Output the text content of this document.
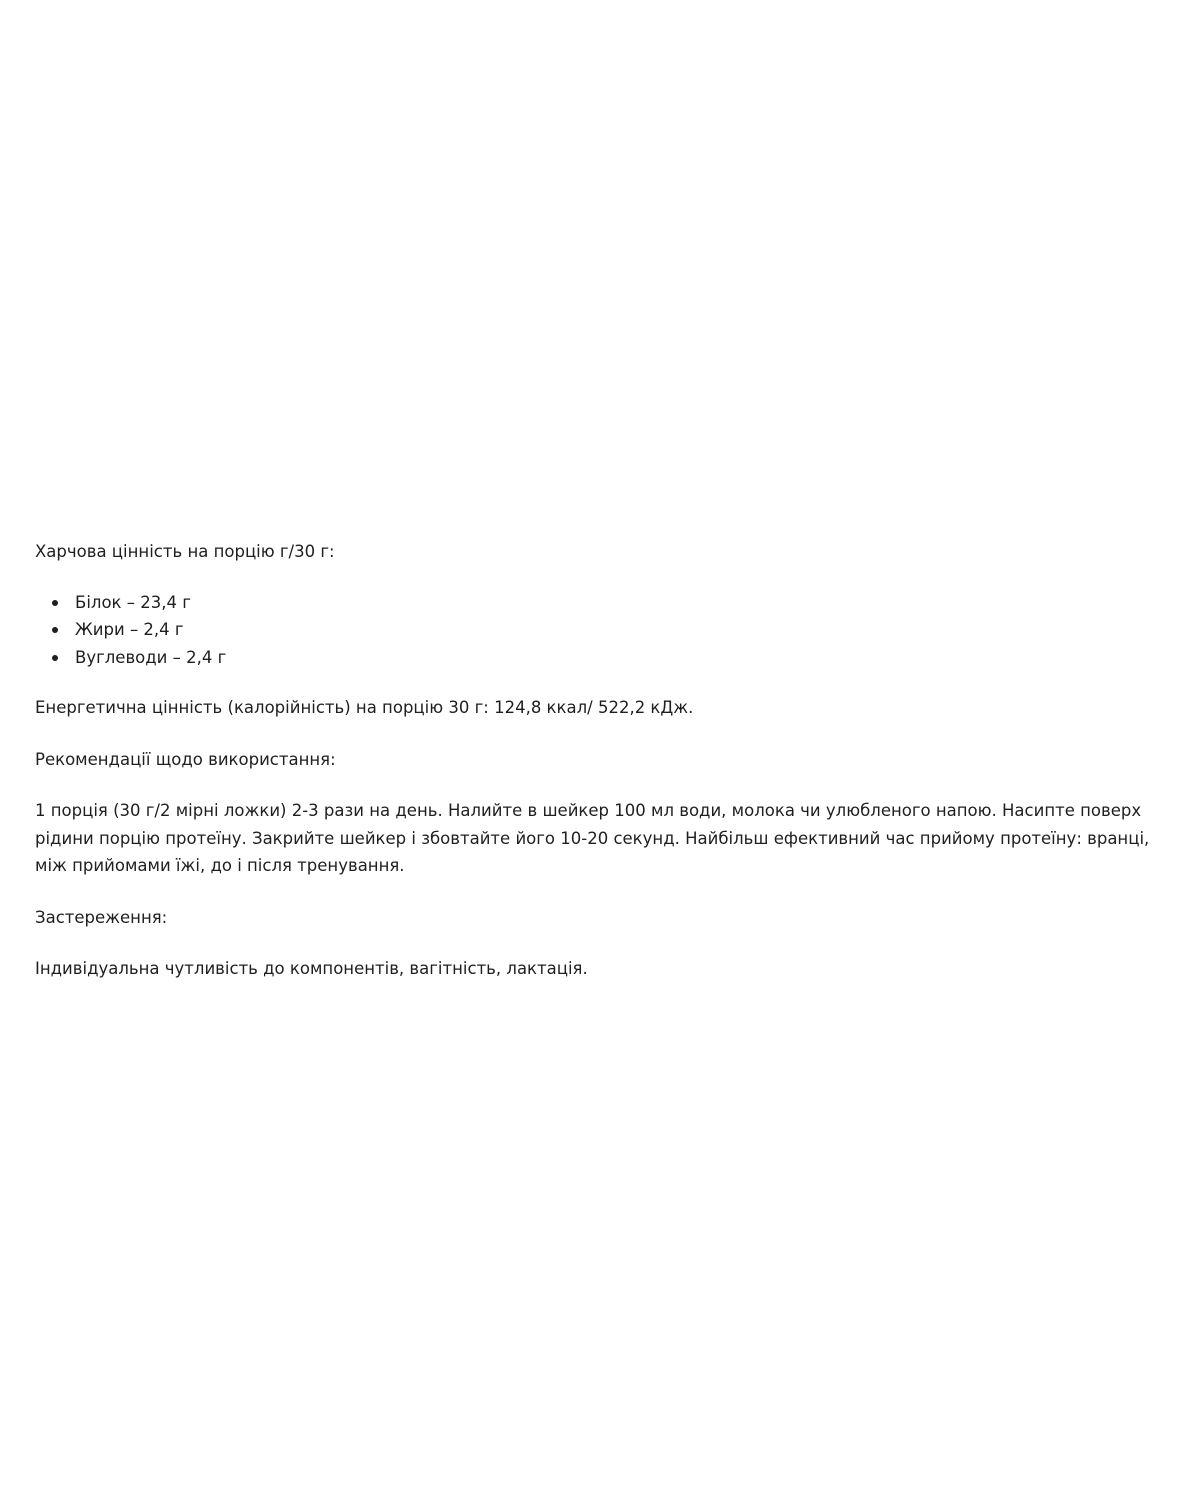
Харчова цінність на порцію г/30 г:

Білок – 23,4 г
Жири – 2,4 г
Вуглеводи – 2,4 г

Енергетична цінність (калорійність) на порцію 30 г: 124,8 ккал/ 522,2 кДж.

Рекомендації щодо використання:

1 порція (30 г/2 мірні ложки) 2-3 рази на день. Налийте в шейкер 100 мл води, молока чи улюбленого напою. Насипте поверх рідини порцію протеїну. Закрийте шейкер і збовтайте його 10-20 секунд. Найбільш ефективний час прийому протеїну: вранці, між прийомами їжі, до і після тренування.

Застереження:

Індивідуальна чутливість до компонентів, вагітність, лактація.
